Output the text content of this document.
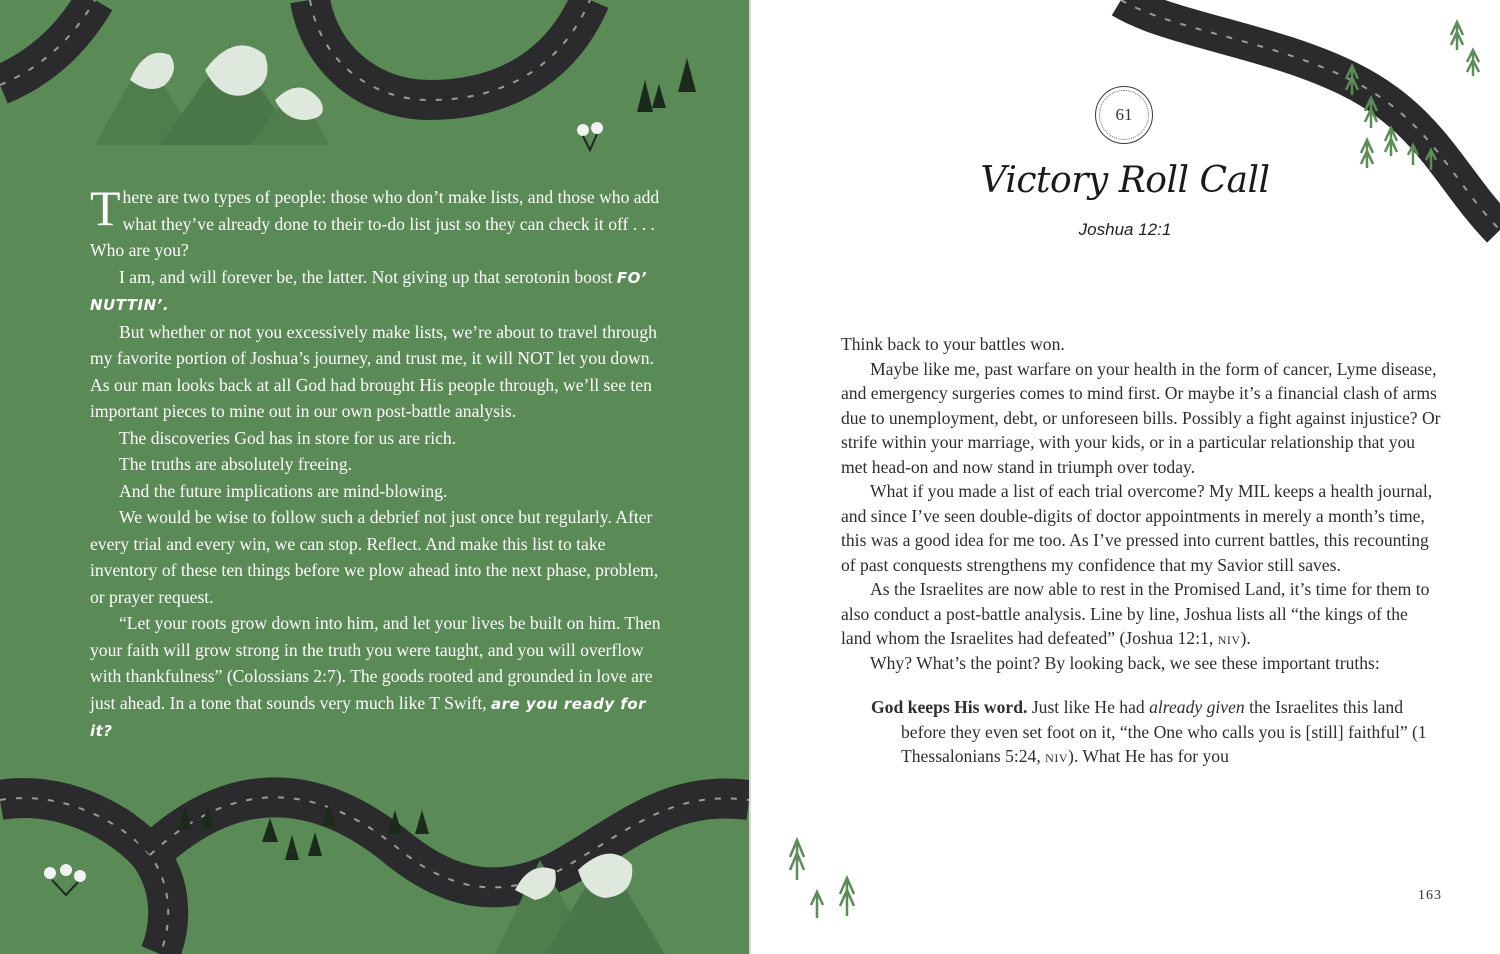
There are two types of people: those who don’t make lists, and those who add what they’ve already done to their to-do list just so they can check it off . . . Who are you?

I am, and will forever be, the latter. Not giving up that serotonin boost FO’ NUTTIN’.

But whether or not you excessively make lists, we’re about to travel through my favorite portion of Joshua’s journey, and trust me, it will NOT let you down. As our man looks back at all God had brought His people through, we’ll see ten important pieces to mine out in our own post-battle analysis.

The discoveries God has in store for us are rich.

The truths are absolutely freeing.

And the future implications are mind-blowing.

We would be wise to follow such a debrief not just once but regularly. After every trial and every win, we can stop. Reflect. And make this list to take inventory of these ten things before we plow ahead into the next phase, problem, or prayer request.

“Let your roots grow down into him, and let your lives be built on him. Then your faith will grow strong in the truth you were taught, and you will overflow with thankfulness” (Colossians 2:7). The goods rooted and grounded in love are just ahead. In a tone that sounds very much like T Swift, are you ready for it?

61
Victory Roll Call
Joshua 12:1

Think back to your battles won.

Maybe like me, past warfare on your health in the form of cancer, Lyme disease, and emergency surgeries comes to mind first. Or maybe it’s a financial clash of arms due to unemployment, debt, or unforeseen bills. Possibly a fight against injustice? Or strife within your marriage, with your kids, or in a particular relationship that you met head-on and now stand in triumph over today.

What if you made a list of each trial overcome? My MIL keeps a health journal, and since I’ve seen double-digits of doctor appointments in merely a month’s time, this was a good idea for me too. As I’ve pressed into current battles, this recounting of past conquests strengthens my confidence that my Savior still saves.

As the Israelites are now able to rest in the Promised Land, it’s time for them to also conduct a post-battle analysis. Line by line, Joshua lists all “the kings of the land whom the Israelites had defeated” (Joshua 12:1, niv).

Why? What’s the point? By looking back, we see these important truths:

God keeps His word. Just like He had already given the Israelites this land before they even set foot on it, “the One who calls you is [still] faithful” (1 Thessalonians 5:24, niv). What He has for you

163
